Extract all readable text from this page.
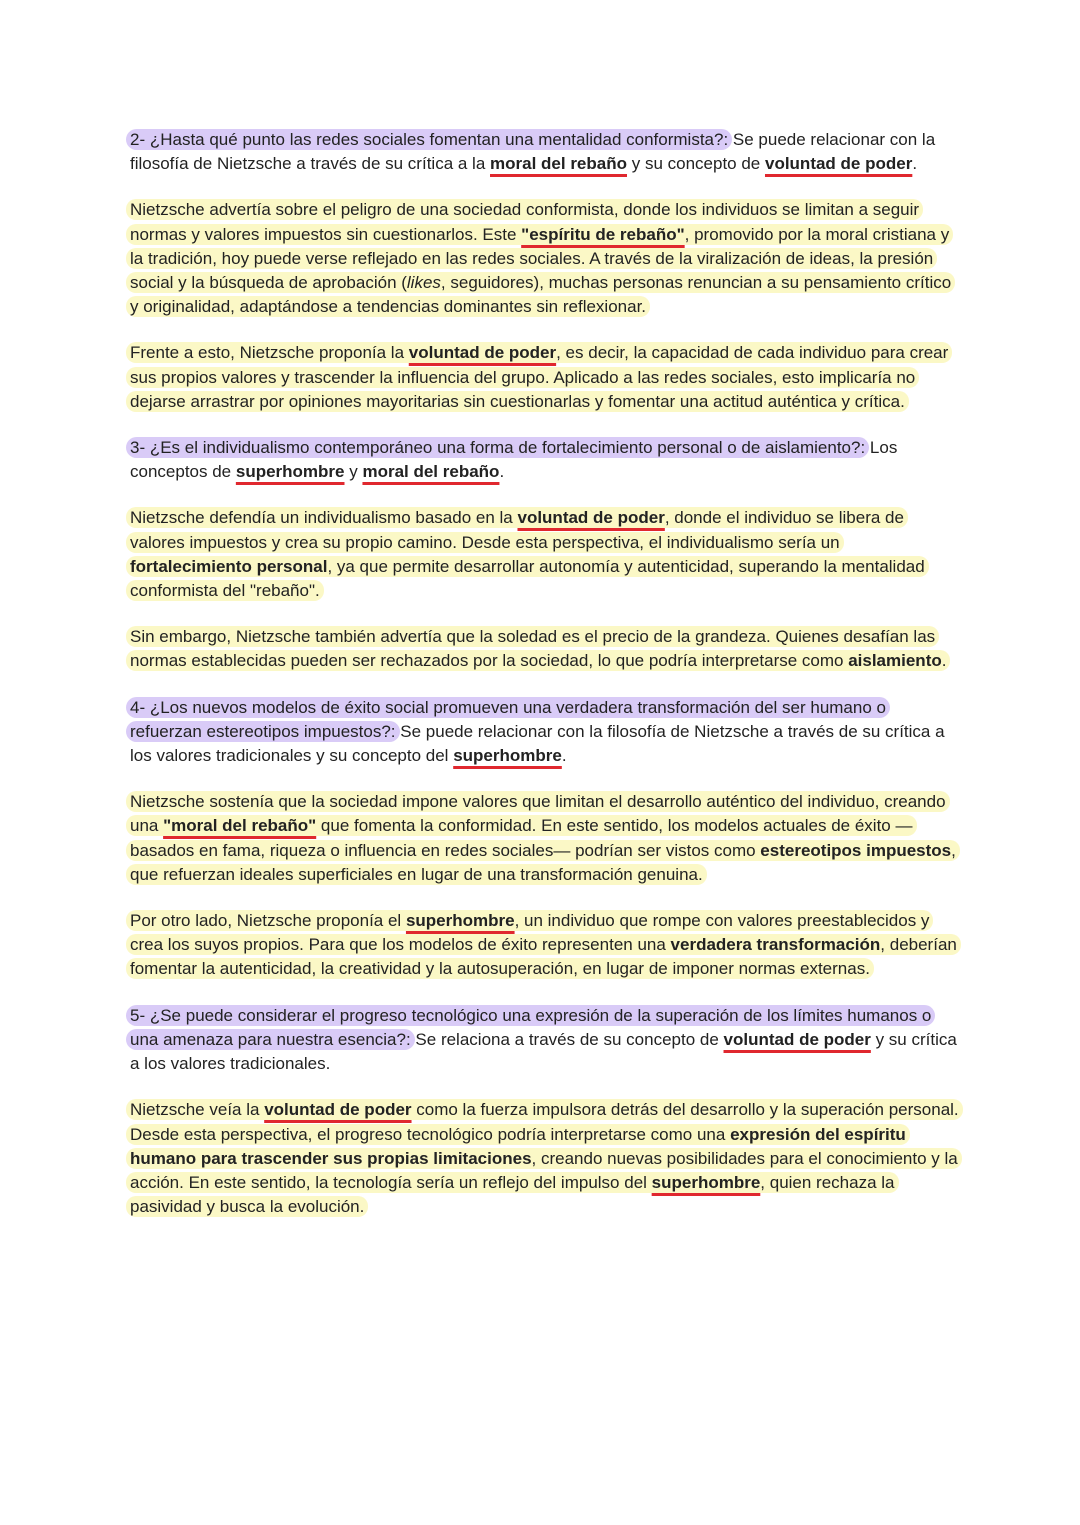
2- ¿Hasta qué punto las redes sociales fomentan una mentalidad conformista?: Se puede relacionar con la filosofía de Nietzsche a través de su crítica a la moral del rebaño y su concepto de voluntad de poder.

Nietzsche advertía sobre el peligro de una sociedad conformista, donde los individuos se limitan a seguir normas y valores impuestos sin cuestionarlos. Este "espíritu de rebaño", promovido por la moral cristiana y la tradición, hoy puede verse reflejado en las redes sociales. A través de la viralización de ideas, la presión social y la búsqueda de aprobación (likes, seguidores), muchas personas renuncian a su pensamiento crítico y originalidad, adaptándose a tendencias dominantes sin reflexionar.

Frente a esto, Nietzsche proponía la voluntad de poder, es decir, la capacidad de cada individuo para crear sus propios valores y trascender la influencia del grupo. Aplicado a las redes sociales, esto implicaría no dejarse arrastrar por opiniones mayoritarias sin cuestionarlas y fomentar una actitud auténtica y crítica.

3- ¿Es el individualismo contemporáneo una forma de fortalecimiento personal o de aislamiento?: Los conceptos de superhombre y moral del rebaño.

Nietzsche defendía un individualismo basado en la voluntad de poder, donde el individuo se libera de valores impuestos y crea su propio camino. Desde esta perspectiva, el individualismo sería un fortalecimiento personal, ya que permite desarrollar autonomía y autenticidad, superando la mentalidad conformista del "rebaño".

Sin embargo, Nietzsche también advertía que la soledad es el precio de la grandeza. Quienes desafían las normas establecidas pueden ser rechazados por la sociedad, lo que podría interpretarse como aislamiento.

4- ¿Los nuevos modelos de éxito social promueven una verdadera transformación del ser humano o refuerzan estereotipos impuestos?: Se puede relacionar con la filosofía de Nietzsche a través de su crítica a los valores tradicionales y su concepto del superhombre.

Nietzsche sostenía que la sociedad impone valores que limitan el desarrollo auténtico del individuo, creando una "moral del rebaño" que fomenta la conformidad. En este sentido, los modelos actuales de éxito —basados en fama, riqueza o influencia en redes sociales— podrían ser vistos como estereotipos impuestos, que refuerzan ideales superficiales en lugar de una transformación genuina.

Por otro lado, Nietzsche proponía el superhombre, un individuo que rompe con valores preestablecidos y crea los suyos propios. Para que los modelos de éxito representen una verdadera transformación, deberían fomentar la autenticidad, la creatividad y la autosuperación, en lugar de imponer normas externas.

5- ¿Se puede considerar el progreso tecnológico una expresión de la superación de los límites humanos o una amenaza para nuestra esencia?: Se relaciona a través de su concepto de voluntad de poder y su crítica a los valores tradicionales.

Nietzsche veía la voluntad de poder como la fuerza impulsora detrás del desarrollo y la superación personal. Desde esta perspectiva, el progreso tecnológico podría interpretarse como una expresión del espíritu humano para trascender sus propias limitaciones, creando nuevas posibilidades para el conocimiento y la acción. En este sentido, la tecnología sería un reflejo del impulso del superhombre, quien rechaza la pasividad y busca la evolución.
